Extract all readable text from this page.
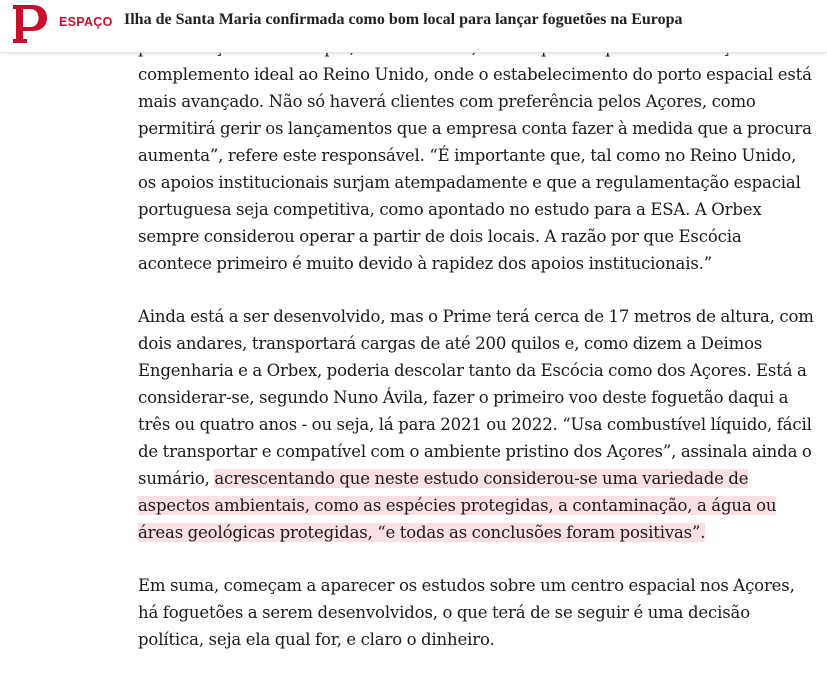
complemento ideal ao Reino Unido, onde o estabelecimento do porto espacial está mais avançado. Não só haverá clientes com preferência pelos Açores, como permitirá gerir os lançamentos que a empresa conta fazer à medida que a procura aumenta”, refere este responsável. “É importante que, tal como no Reino Unido, os apoios institucionais surjam atempadamente e que a regulamentação espacial portuguesa seja competitiva, como apontado no estudo para a ESA. A Orbex sempre considerou operar a partir de dois locais. A razão por que Escócia acontece primeiro é muito devido à rapidez dos apoios institucionais.”

Ainda está a ser desenvolvido, mas o Prime terá cerca de 17 metros de altura, com dois andares, transportará cargas de até 200 quilos e, como dizem a Deimos Engenharia e a Orbex, poderia descolar tanto da Escócia como dos Açores. Está a considerar-se, segundo Nuno Ávila, fazer o primeiro voo deste foguetão daqui a três ou quatro anos - ou seja, lá para 2021 ou 2022. “Usa combustível líquido, fácil de transportar e compatível com o ambiente pristino dos Açores”, assinala ainda o sumário, acrescentando que neste estudo considerou-se uma variedade de aspectos ambientais, como as espécies protegidas, a contaminação, a água ou áreas geológicas protegidas, “e todas as conclusões foram positivas”.

Em suma, começam a aparecer os estudos sobre um centro espacial nos Açores, há foguetões a serem desenvolvidos, o que terá de se seguir é uma decisão política, seja ela qual for, e claro o dinheiro.

ESPAÇO Ilha de Santa Maria confirmada como bom local para lançar foguetões na Europa
